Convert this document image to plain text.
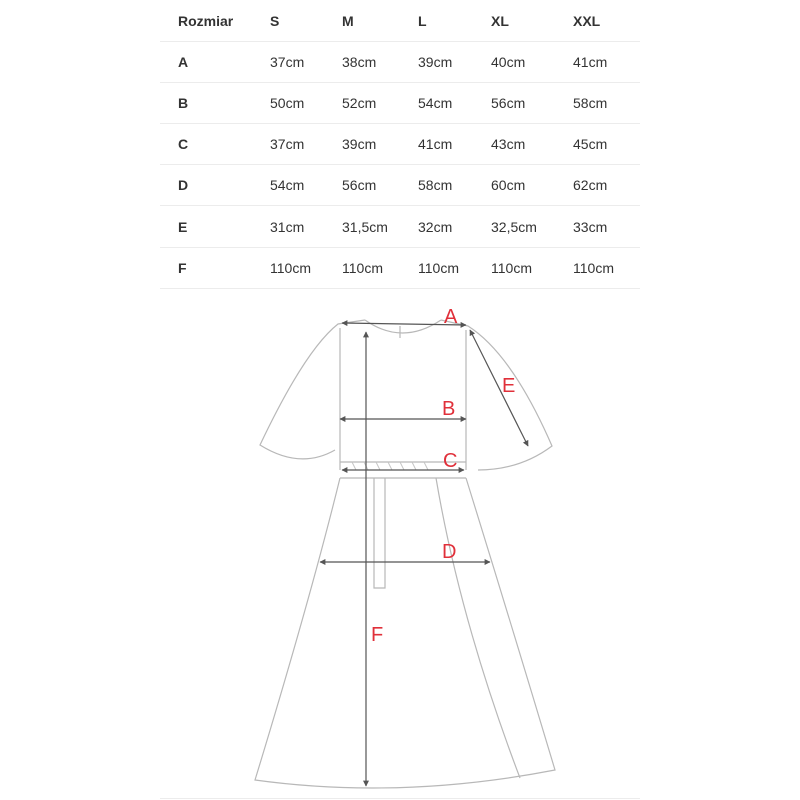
Rozmiar	S	M	L	XL	XXL
A	37cm	38cm	39cm	40cm	41cm
B	50cm	52cm	54cm	56cm	58cm
C	37cm	39cm	41cm	43cm	45cm
D	54cm	56cm	58cm	60cm	62cm
E	31cm	31,5cm 32cm	32,5cm	33cm
F	110cm 110cm	110cm 110cm	110cm
A
B
C
D
E
F
